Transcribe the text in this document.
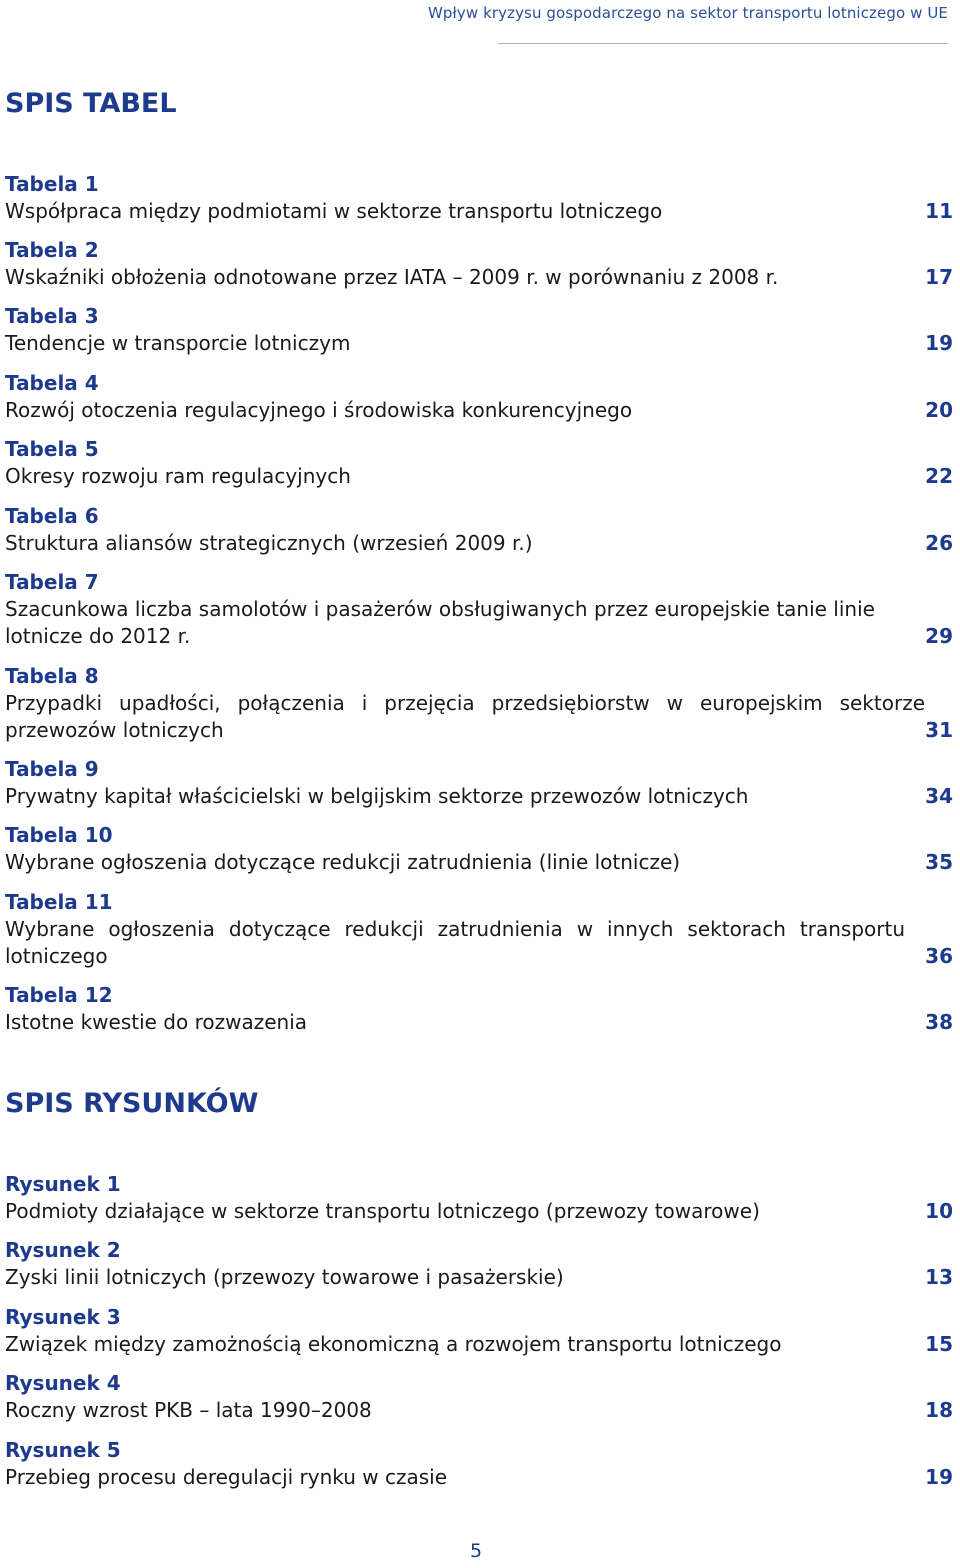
Wpływ kryzysu gospodarczego na sektor transportu lotniczego w UE
SPIS TABEL
Tabela 1
Współpraca między podmiotami w sektorze transportu lotniczego	11
Tabela 2
Wskaźniki obłożenia odnotowane przez IATA – 2009 r. w porównaniu z 2008 r.	17
Tabela 3
Tendencje w transporcie lotniczym	19
Tabela 4
Rozwój otoczenia regulacyjnego i środowiska konkurencyjnego	20
Tabela 5
Okresy rozwoju ram regulacyjnych	22
Tabela 6
Struktura aliansów strategicznych (wrzesień 2009 r.)	26
Tabela 7
Szacunkowa liczba samolotów i pasażerów obsługiwanych przez europejskie tanie linie lotnicze do 2012 r.	29
Tabela 8
Przypadki upadłości, połączenia i przejęcia przedsiębiorstw w europejskim sektorze przewozów lotniczych	31
Tabela 9
Prywatny kapitał właścicielski w belgijskim sektorze przewozów lotniczych	34
Tabela 10
Wybrane ogłoszenia dotyczące redukcji zatrudnienia (linie lotnicze)	35
Tabela 11
Wybrane ogłoszenia dotyczące redukcji zatrudnienia w innych sektorach transportu lotniczego	36
Tabela 12
Istotne kwestie do rozwazenia	38
SPIS RYSUNKÓW
Rysunek 1
Podmioty działające w sektorze transportu lotniczego (przewozy towarowe)	10
Rysunek 2
Zyski linii lotniczych (przewozy towarowe i pasażerskie)	13
Rysunek 3
Związek między zamożnością ekonomiczną a rozwojem transportu lotniczego	15
Rysunek 4
Roczny wzrost PKB – lata 1990–2008	18
Rysunek 5
Przebieg procesu deregulacji rynku w czasie	19
5
